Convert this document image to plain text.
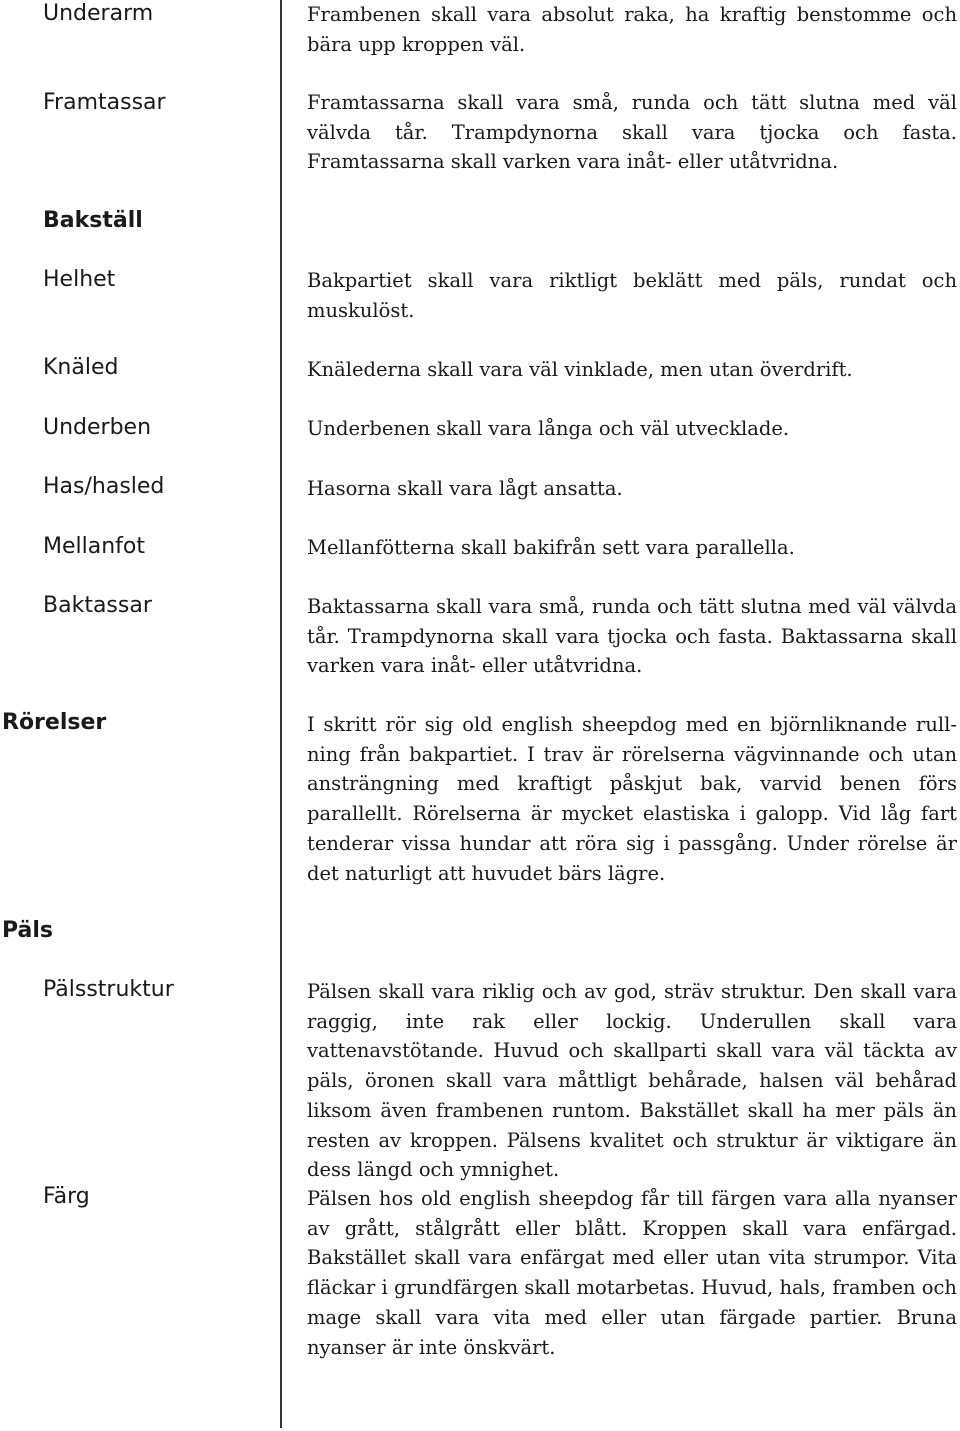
Underarm
Framtassar
Bakställ
Helhet
Knäled
Underben
Has/hasled
Mellanfot
Baktassar
Rörelser
Päls
Pälsstruktur
Färg
Frambenen skall vara absolut raka, ha kraftig benstomme och bära upp kroppen väl.
Framtassarna skall vara små, runda och tätt slutna med väl välvda tår. Trampdynorna skall vara tjocka och fasta. Framtassarna skall varken vara inåt- eller utåtvridna.
Bakpartiet skall vara riktligt beklätt med päls, rundat och muskulöst.
Knälederna skall vara väl vinklade, men utan överdrift.
Underbenen skall vara långa och väl utvecklade.
Hasorna skall vara lågt ansatta.
Mellanfötterna skall bakifrån sett vara parallella.
Baktassarna skall vara små, runda och tätt slutna med väl välvda tår. Trampdynorna skall vara tjocka och fasta. Baktassarna skall varken vara inåt- eller utåtvridna.
I skritt rör sig old english sheepdog med en björnliknande rullning från bakpartiet. I trav är rörelserna vägvinnande och utan ansträngning med kraftigt påskjut bak, varvid benen förs parallellt. Rörelserna är mycket elastiska i galopp. Vid låg fart tenderar vissa hundar att röra sig i passgång. Under rörelse är det naturligt att huvudet bärs lägre.
Pälsen skall vara riklig och av god, sträv struktur. Den skall vara raggig, inte rak eller lockig. Underullen skall vara vattenavstötande. Huvud och skallparti skall vara väl täckta av päls, öronen skall vara måttligt behårade, halsen väl behårad liksom även frambenen runtom. Bakstället skall ha mer päls än resten av kroppen. Pälsens kvalitet och struktur är viktigare än dess längd och ymnighet.
Pälsen hos old english sheepdog får till färgen vara alla nyanser av grått, stålgrått eller blått. Kroppen skall vara enfärgad. Bakstället skall vara enfärgat med eller utan vita strumpor. Vita fläckar i grundfärgen skall motarbetas. Huvud, hals, framben och mage skall vara vita med eller utan färgade partier. Bruna nyanser är inte önskvärt.
